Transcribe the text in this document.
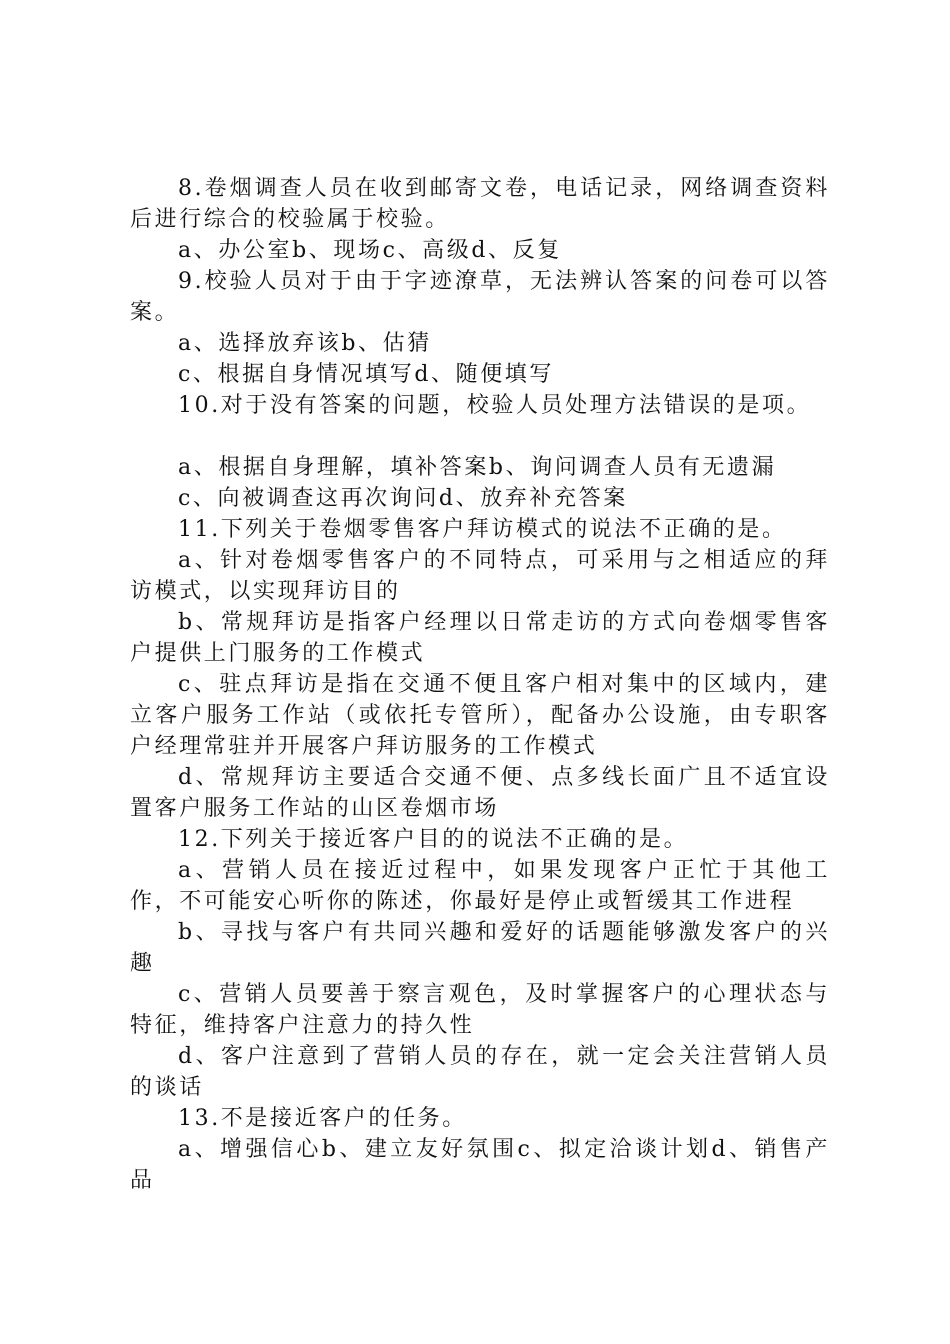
8.卷烟调查人员在收到邮寄文卷，电话记录，网络调查资料后进行综合的校验属于校验。

a、办公室b、现场c、高级d、反复

9.校验人员对于由于字迹潦草，无法辨认答案的问卷可以答案。

a、选择放弃该b、估猜

c、根据自身情况填写d、随便填写

10.对于没有答案的问题，校验人员处理方法错误的是项。

a、根据自身理解，填补答案b、询问调查人员有无遗漏

c、向被调查这再次询问d、放弃补充答案

11.下列关于卷烟零售客户拜访模式的说法不正确的是。

a、针对卷烟零售客户的不同特点，可采用与之相适应的拜访模式，以实现拜访目的

b、常规拜访是指客户经理以日常走访的方式向卷烟零售客户提供上门服务的工作模式

c、驻点拜访是指在交通不便且客户相对集中的区域内，建立客户服务工作站（或依托专管所），配备办公设施，由专职客户经理常驻并开展客户拜访服务的工作模式

d、常规拜访主要适合交通不便、点多线长面广且不适宜设置客户服务工作站的山区卷烟市场

12.下列关于接近客户目的的说法不正确的是。

a、营销人员在接近过程中，如果发现客户正忙于其他工作，不可能安心听你的陈述，你最好是停止或暂缓其工作进程

b、寻找与客户有共同兴趣和爱好的话题能够激发客户的兴趣

c、营销人员要善于察言观色，及时掌握客户的心理状态与特征，维持客户注意力的持久性

d、客户注意到了营销人员的存在，就一定会关注营销人员的谈话

13.不是接近客户的任务。

a、增强信心b、建立友好氛围c、拟定洽谈计划d、销售产品
